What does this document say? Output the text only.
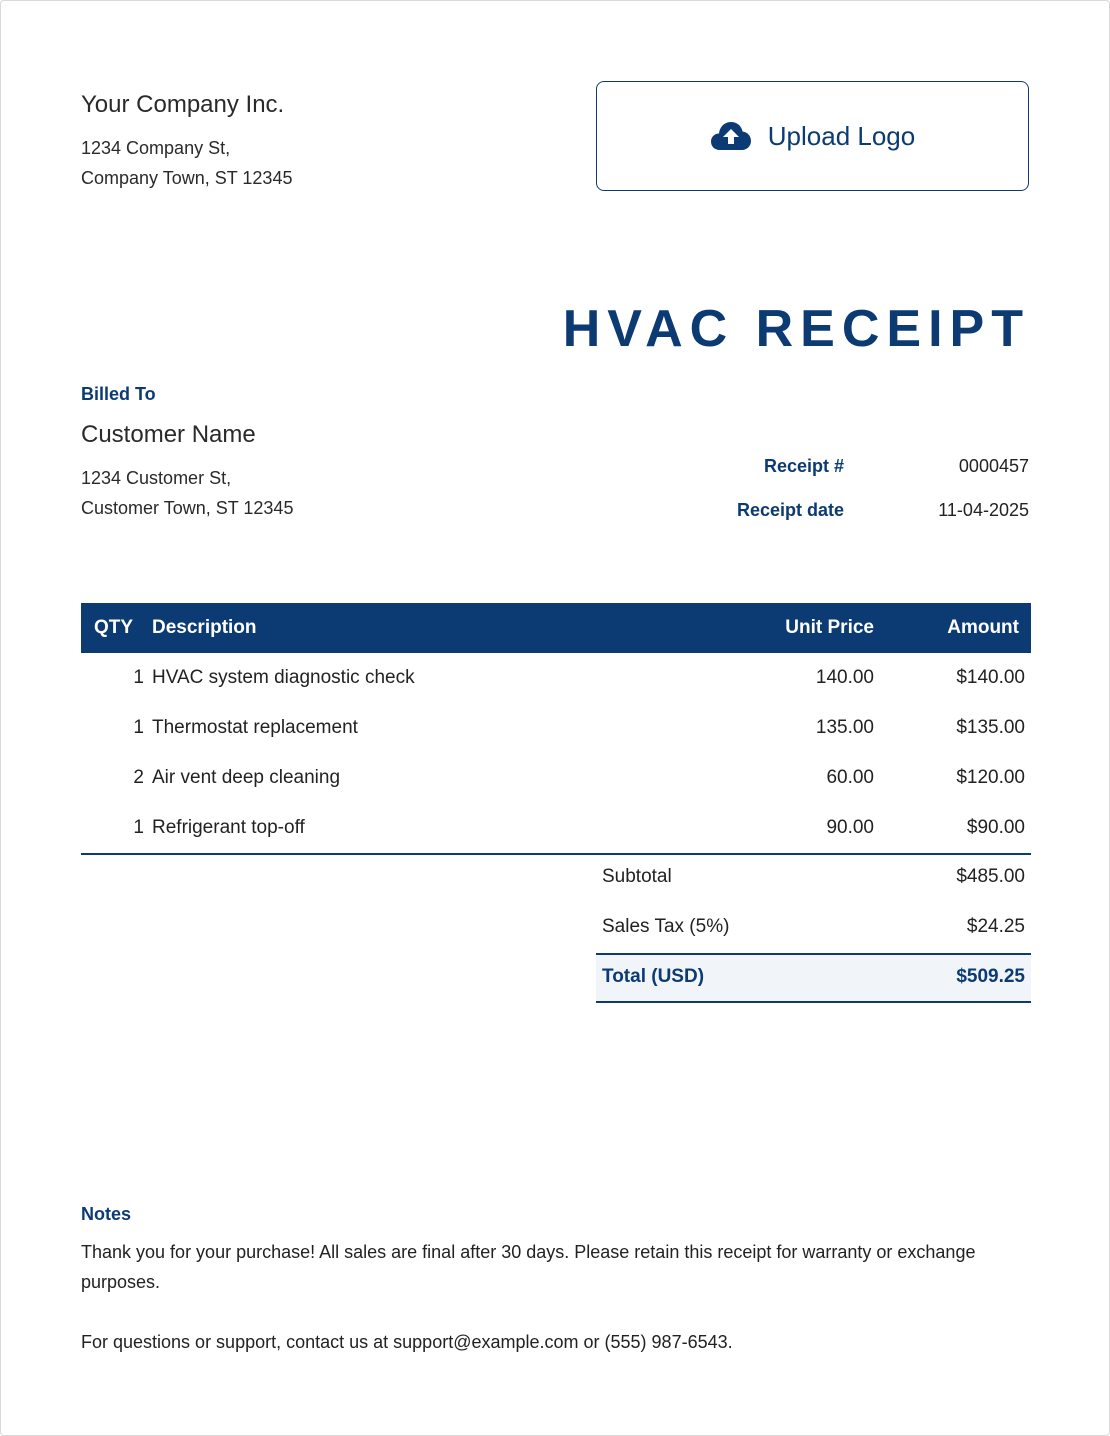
Your Company Inc.
1234 Company St,
Company Town, ST 12345
Upload Logo
HVAC RECEIPT
Billed To
Customer Name
1234 Customer St,
Customer Town, ST 12345
Receipt #	0000457
Receipt date	11-04-2025
QTY	Description	Unit Price	Amount
1	HVAC system diagnostic check	140.00	$140.00
1	Thermostat replacement	135.00	$135.00
2	Air vent deep cleaning	60.00	$120.00
1	Refrigerant top-off	90.00	$90.00
Subtotal	$485.00
Sales Tax (5%)	$24.25
Total (USD)	$509.25
Notes

Thank you for your purchase! All sales are final after 30 days. Please retain this receipt for warranty or exchange purposes.

For questions or support, contact us at support@example.com or (555) 987-6543.
